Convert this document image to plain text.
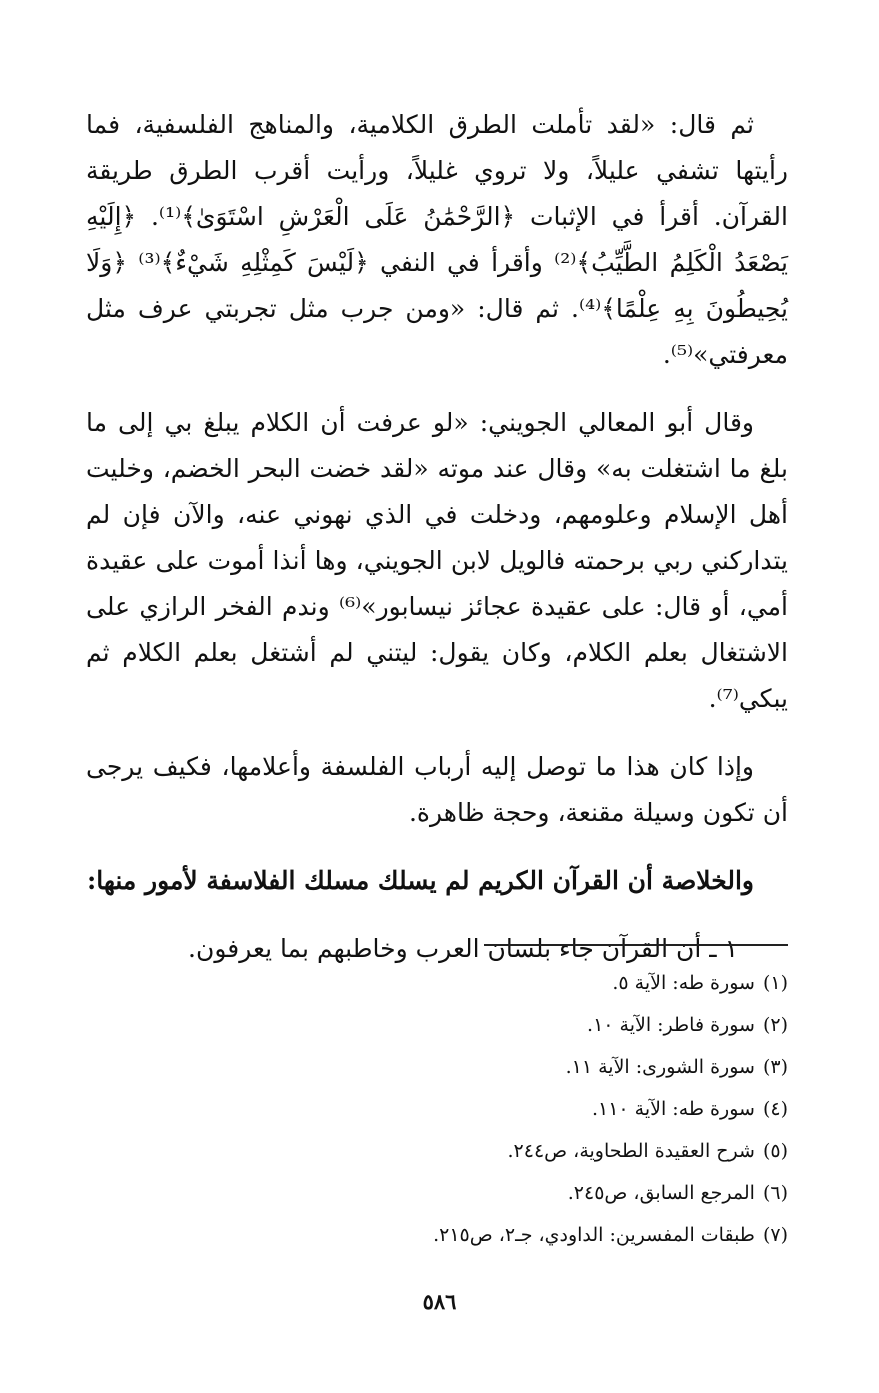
ثم قال: «لقد تأملت الطرق الكلامية، والمناهج الفلسفية، فما رأيتها تشفي عليلاً، ولا تروي غليلاً، ورأيت أقرب الطرق طريقة القرآن. أقرأ في الإثبات ﴿الرَّحْمَٰنُ عَلَى الْعَرْشِ اسْتَوَىٰ﴾⁽¹⁾. ﴿إِلَيْهِ يَصْعَدُ الْكَلِمُ الطَّيِّبُ﴾⁽²⁾ وأقرأ في النفي ﴿لَيْسَ كَمِثْلِهِ شَيْءٌ﴾⁽³⁾ ﴿وَلَا يُحِيطُونَ بِهِ عِلْمًا﴾⁽⁴⁾. ثم قال: «ومن جرب مثل تجربتي عرف مثل معرفتي»⁽⁵⁾.

وقال أبو المعالي الجويني: «لو عرفت أن الكلام يبلغ بي إلى ما بلغ ما اشتغلت به» وقال عند موته «لقد خضت البحر الخضم، وخليت أهل الإسلام وعلومهم، ودخلت في الذي نهوني عنه، والآن فإن لم يتداركني ربي برحمته فالويل لابن الجويني، وها أنذا أموت على عقيدة أمي، أو قال: على عقيدة عجائز نيسابور»⁽⁶⁾ وندم الفخر الرازي على الاشتغال بعلم الكلام، وكان يقول: ليتني لم أشتغل بعلم الكلام ثم يبكي⁽⁷⁾.

وإذا كان هذا ما توصل إليه أرباب الفلسفة وأعلامها، فكيف يرجى أن تكون وسيلة مقنعة، وحجة ظاهرة.

والخلاصة أن القرآن الكريم لم يسلك مسلك الفلاسفة لأمور منها:

١ ـ أن القرآن جاء بلسان العرب وخاطبهم بما يعرفون.

(١)سورة طه: الآية ٥.
(٢)سورة فاطر: الآية ١٠.
(٣)سورة الشورى: الآية ١١.
(٤)سورة طه: الآية ١١٠.
(٥)شرح العقيدة الطحاوية، ص٢٤٤.
(٦)المرجع السابق، ص٢٤٥.
(٧)طبقات المفسرين: الداودي، جـ٢، ص٢١٥.
٥٨٦
